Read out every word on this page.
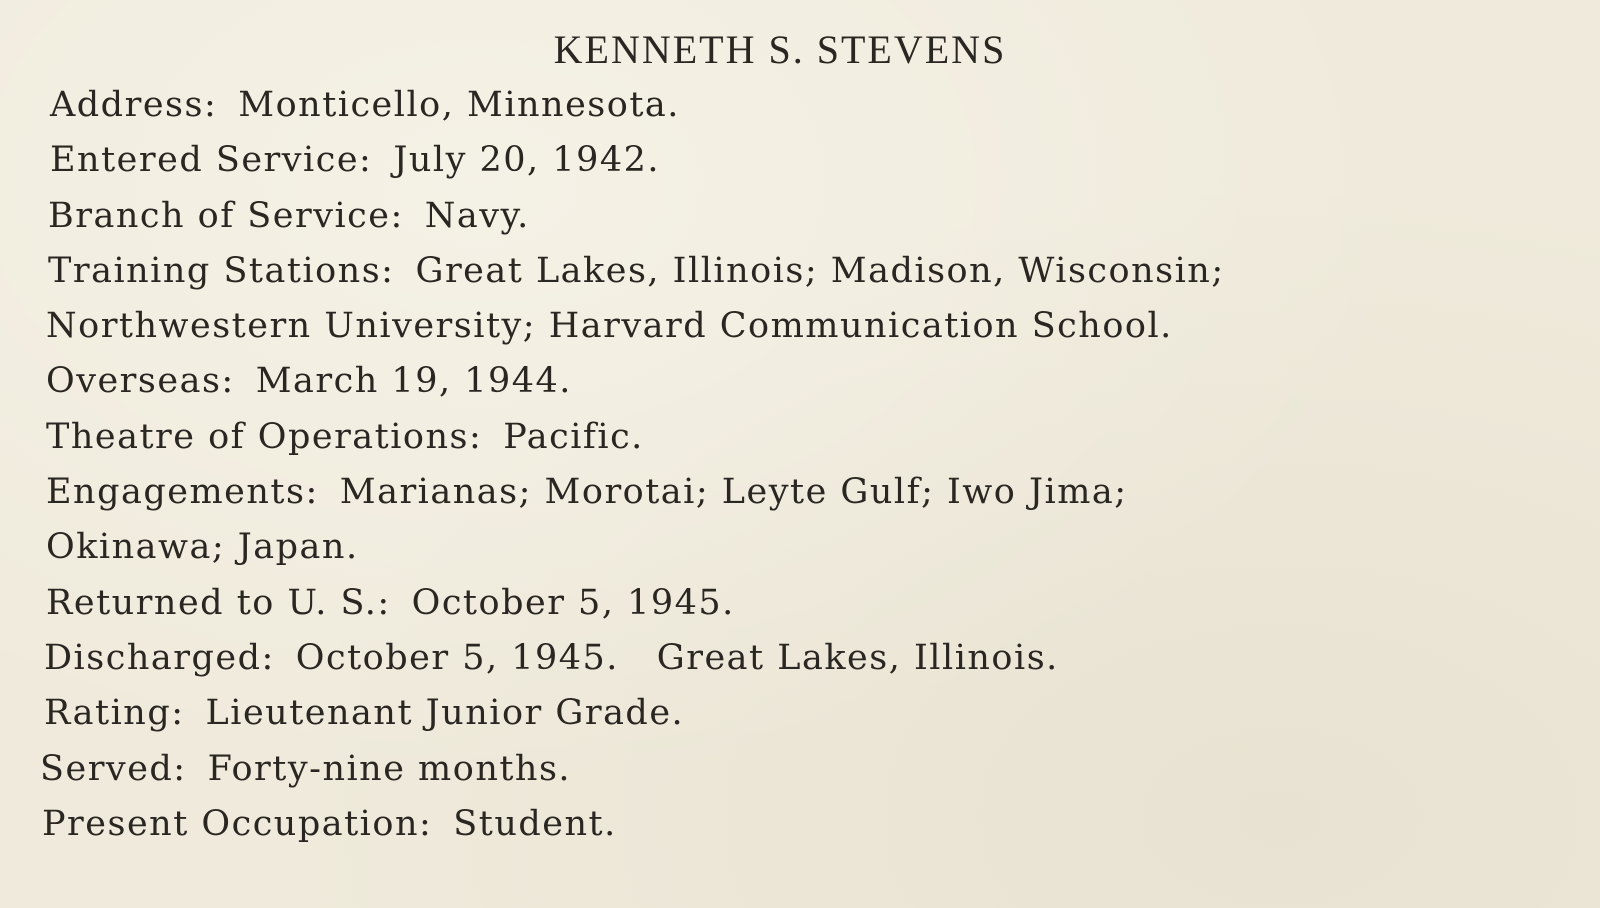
KENNETH S. STEVENS
Address: Monticello, Minnesota.
Entered Service: July 20, 1942.
Branch of Service: Navy.
Training Stations: Great Lakes, Illinois; Madison, Wisconsin;
Northwestern University; Harvard Communication School.
Overseas: March 19, 1944.
Theatre of Operations: Pacific.
Engagements: Marianas; Morotai; Leyte Gulf; Iwo Jima;
Okinawa; Japan.
Returned to U. S.: October 5, 1945.
Discharged: October 5, 1945.   Great Lakes, Illinois.
Rating: Lieutenant Junior Grade.
Served: Forty-nine months.
Present Occupation: Student.
